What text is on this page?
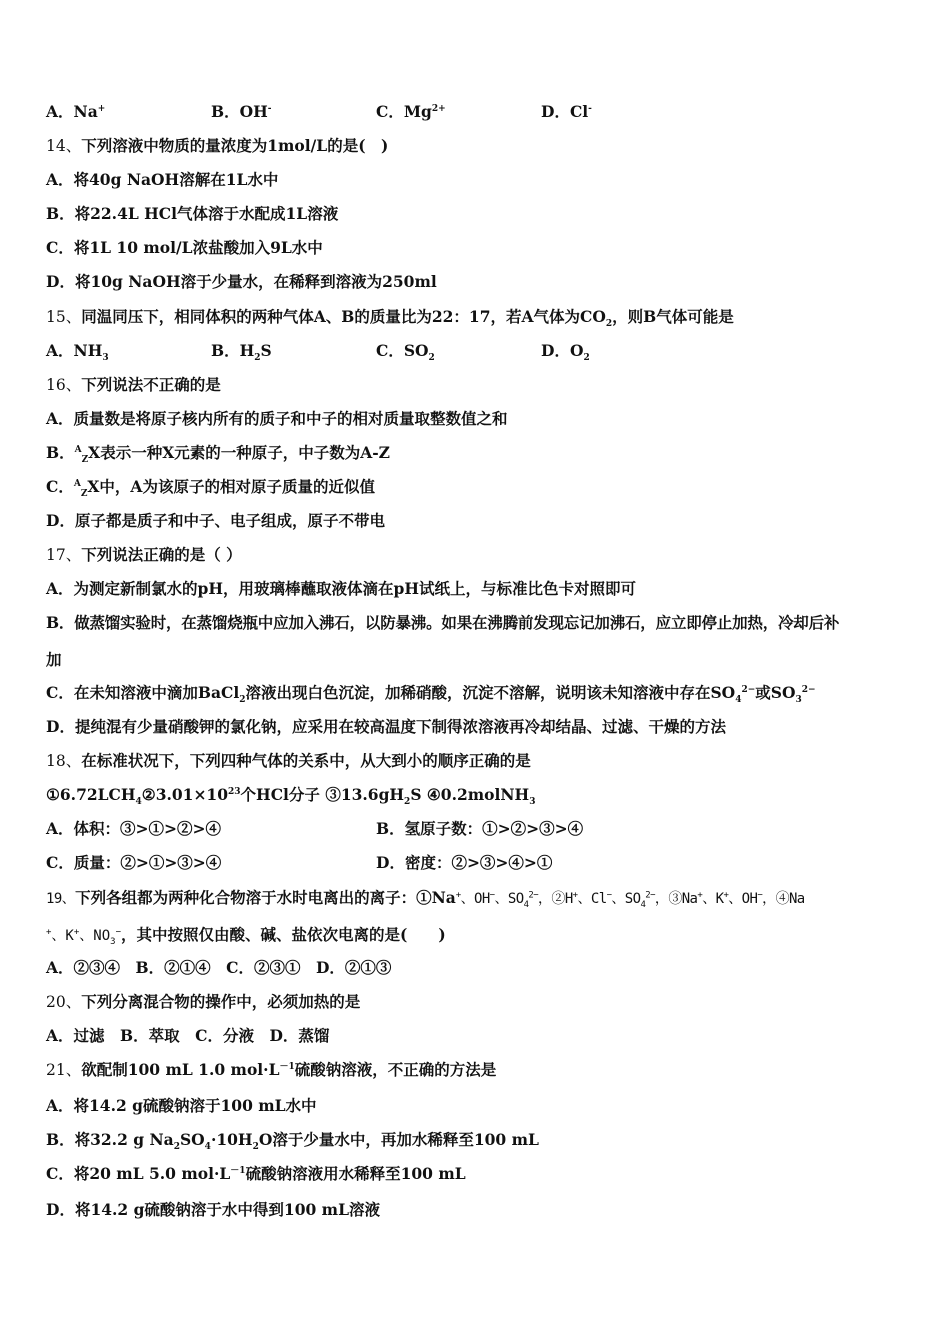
A．Na+	B．OH-	C．$Mg^{2+}$	D．Cl-
14、下列溶液中物质的量浓度为1mol/L的是(　)
A．将40g NaOH溶解在1L水中
B．将22.4L HCl气体溶于水配成1L溶液
C．将1L 10 mol/L浓盐酸加入9L水中
D．将10g NaOH溶于少量水，在稀释到溶液为250ml
15、同温同压下，相同体积的两种气体A、B的质量比为22：17，若A气体为$CO_2$，则B气体可能是
A．$NH_3$	B．$H_2S$	C．$SO_2$	D．$O_2$
16、下列说法不正确的是
A．质量数是将原子核内所有的质子和中子的相对质量取整数值之和
B．$^A_Z$X表示一种X元素的一种原子，中子数为A-Z
C．$^A_Z$X中，A为该原子的相对原子质量的近似值
D．原子都是质子和中子、电子组成，原子不带电
17、下列说法正确的是（ ）
A．为测定新制氯水的pH，用玻璃棒蘸取液体滴在pH试纸上，与标准比色卡对照即可
B．做蒸馏实验时，在蒸馏烧瓶中应加入沸石，以防暴沸。如果在沸腾前发现忘记加沸石，应立即停止加热，冷却后补
加
C．在未知溶液中滴加BaCl$_2$溶液出现白色沉淀，加稀硝酸，沉淀不溶解，说明该未知溶液中存在$SO_4^{2-}$或$SO_3^{2-}$
D．提纯混有少量硝酸钾的氯化钠，应采用在较高温度下制得浓溶液再冷却结晶、过滤、干燥的方法
18、在标准状况下，下列四种气体的关系中，从大到小的顺序正确的是
$①6.72LCH_4②3.01\times 10^{23}$个HCl分子 $③13.6gH_2S$ ④0.2molNH$_3$
A．体积：③>①>②>④	B．氢原子数：①>②>③>④
C．质量：②>①>③>④	D．密度：②>③>④>①
19、下列各组都为两种化合物溶于水时电离出的离子：①Na+、OH−、$SO_4^{2-}$，②H+、Cl−、$SO_4^{2-}$，③Na+、K+、OH−，④Na
+、K+、$NO_3^-$，其中按照仅由酸、碱、盐依次电离的是(　　)
A．②③④　B．②①④　C．②③①　D．②①③
20、下列分离混合物的操作中，必须加热的是
A．过滤　B．萃取　C．分液　D．蒸馏
21、欲配制100 mL 1.0 $mol\cdot L^{-1}$硫酸钠溶液，不正确的方法是
A．将14.2 g硫酸钠溶于100 mL水中
B．将32.2 g $Na_2SO_4\cdot 10H_2O$溶于少量水中，再加水稀释至100 mL
C．将20 mL 5.0 $mol\cdot L^{-1}$硫酸钠溶液用水稀释至100 mL
D．将14.2 g硫酸钠溶于水中得到100 mL溶液
